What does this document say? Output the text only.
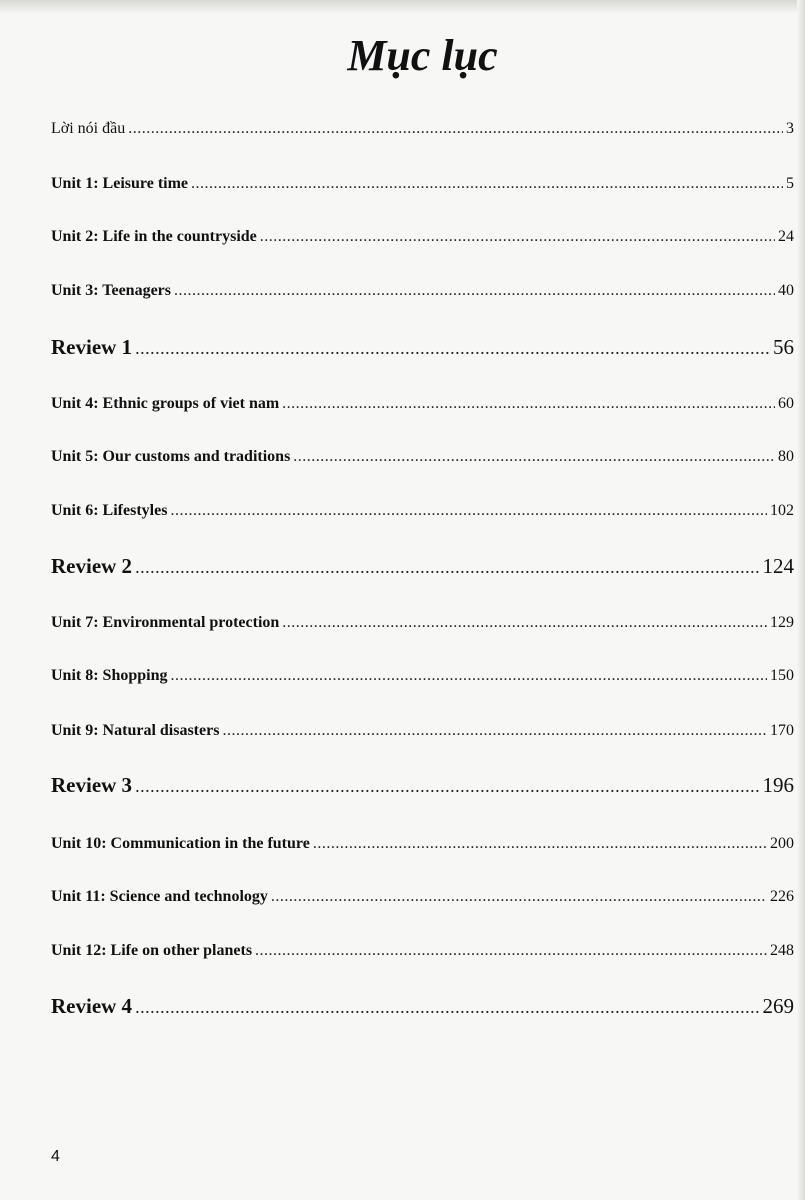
Mục lục
Lời nói đầu .....	3
Unit 1: Leisure time .....	5
Unit 2: Life in the countryside .....	24
Unit 3: Teenagers .....	40
Review 1 .....	56
Unit 4: Ethnic groups of viet nam .....	60
Unit 5: Our customs and traditions .....	80
Unit 6: Lifestyles .....	102
Review 2 .....	124
Unit 7: Environmental protection .....	129
Unit 8: Shopping .....	150
Unit 9: Natural disasters .....	170
Review 3 .....	196
Unit 10: Communication in the future .....	200
Unit 11: Science and technology .....	226
Unit 12: Life on other planets .....	248
Review 4 .....	269
4
